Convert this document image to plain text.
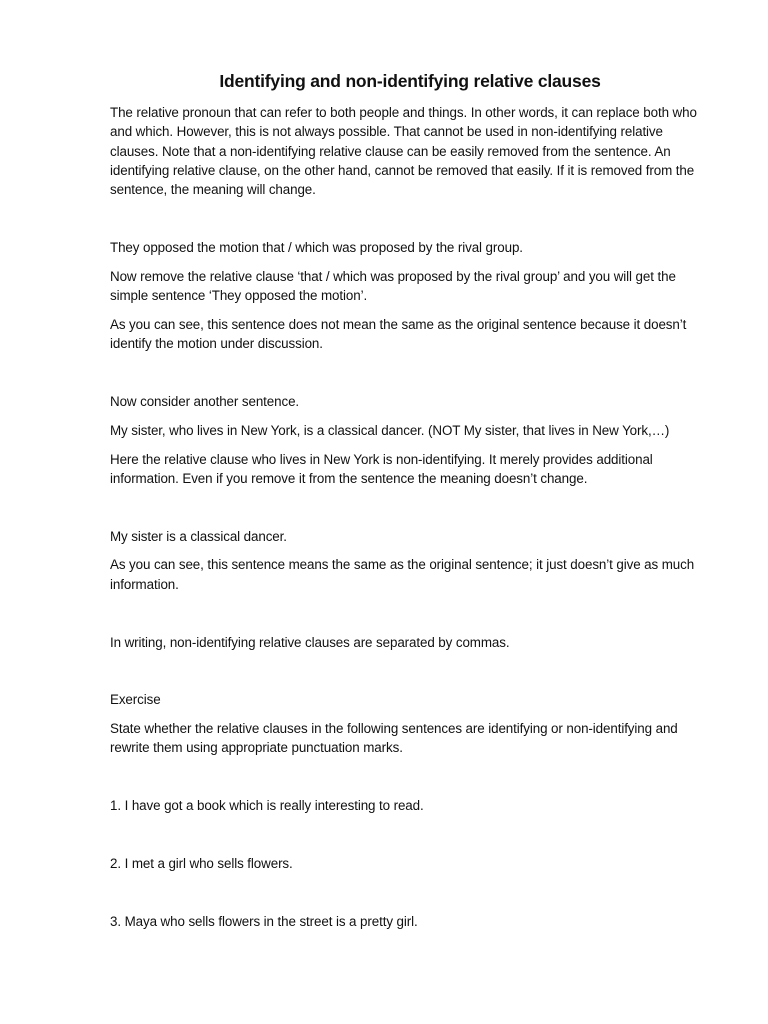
Identifying and non-identifying relative clauses

The relative pronoun that can refer to both people and things. In other words, it can replace both who and which. However, this is not always possible. That cannot be used in non-identifying relative clauses. Note that a non-identifying relative clause can be easily removed from the sentence. An identifying relative clause, on the other hand, cannot be removed that easily. If it is removed from the sentence, the meaning will change.

They opposed the motion that / which was proposed by the rival group.

Now remove the relative clause ‘that / which was proposed by the rival group’ and you will get the simple sentence ‘They opposed the motion’.

As you can see, this sentence does not mean the same as the original sentence because it doesn’t identify the motion under discussion.

Now consider another sentence.

My sister, who lives in New York, is a classical dancer. (NOT My sister, that lives in New York,…)

Here the relative clause who lives in New York is non-identifying. It merely provides additional information. Even if you remove it from the sentence the meaning doesn’t change.

My sister is a classical dancer.

As you can see, this sentence means the same as the original sentence; it just doesn’t give as much information.

In writing, non-identifying relative clauses are separated by commas.

Exercise

State whether the relative clauses in the following sentences are identifying or non-identifying and rewrite them using appropriate punctuation marks.

1. I have got a book which is really interesting to read.

2. I met a girl who sells flowers.

3. Maya who sells flowers in the street is a pretty girl.
